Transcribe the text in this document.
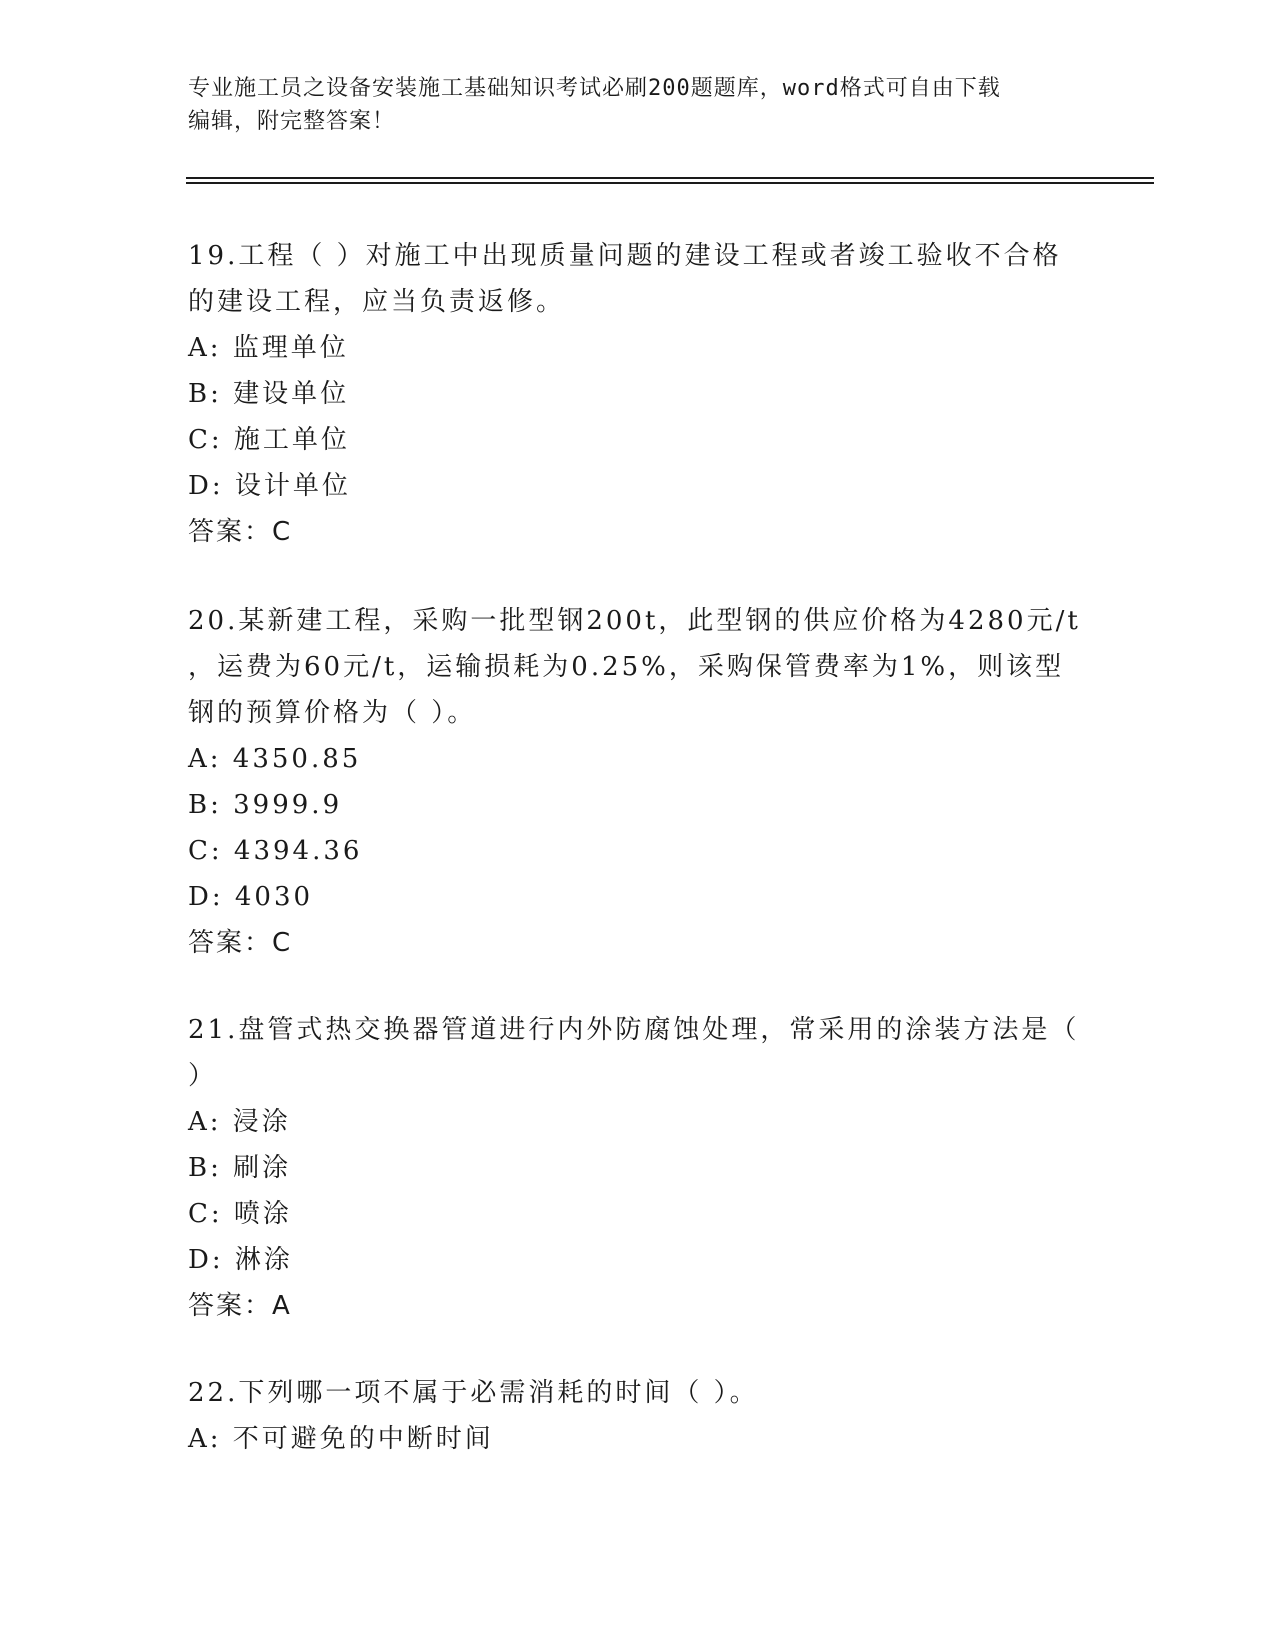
专业施工员之设备安装施工基础知识考试必刷200题题库，word格式可自由下载
编辑，附完整答案！
19.工程（ ）对施工中出现质量问题的建设工程或者竣工验收不合格
的建设工程，应当负责返修。
A: 监理单位
B: 建设单位
C: 施工单位
D: 设计单位
答案：C
20.某新建工程，采购一批型钢200t，此型钢的供应价格为4280元/t
，运费为60元/t，运输损耗为0.25%，采购保管费率为1%，则该型
钢的预算价格为（ ）。
A: 4350.85
B: 3999.9
C: 4394.36
D: 4030
答案：C
21.盘管式热交换器管道进行内外防腐蚀处理，常采用的涂装方法是（
）
A: 浸涂
B: 刷涂
C: 喷涂
D: 淋涂
答案：A
22.下列哪一项不属于必需消耗的时间（ ）。
A: 不可避免的中断时间
